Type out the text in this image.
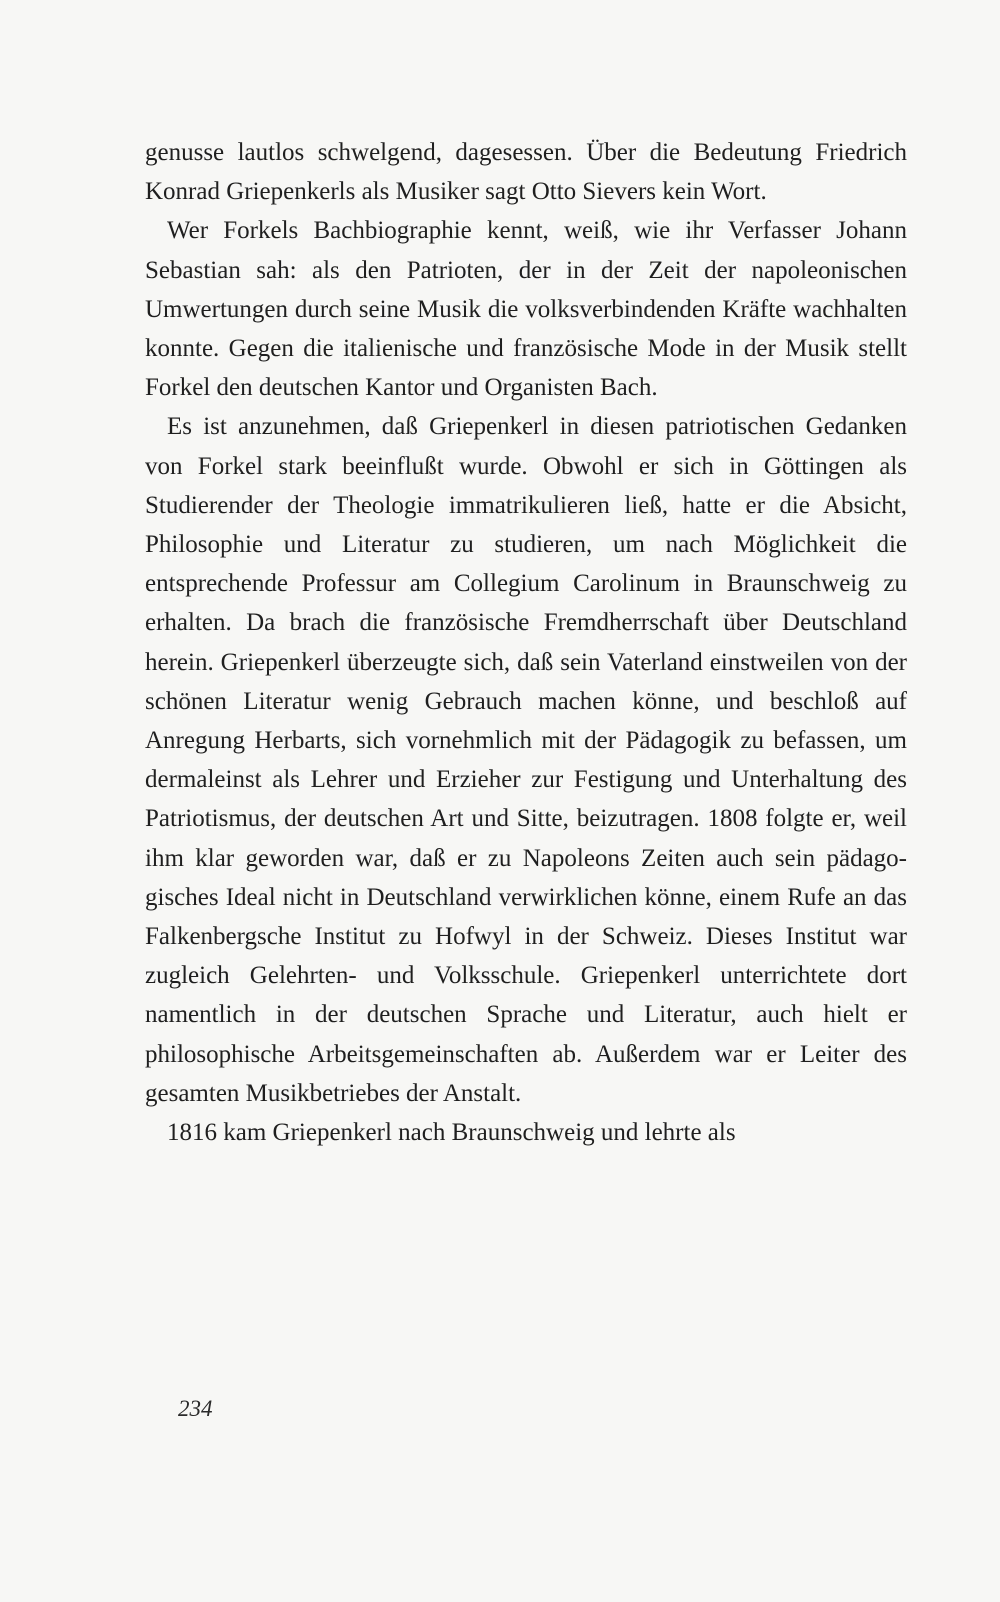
genusse lautlos schwelgend, dagesessen. Über die Bedeutung Friedrich Konrad Griepenkerls als Musiker sagt Otto Sievers kein Wort.

Wer Forkels Bachbiographie kennt, weiß, wie ihr Verfasser Johann Sebastian sah: als den Patrioten, der in der Zeit der napoleonischen Umwertungen durch seine Musik die volksverbindenden Kräfte wachhalten konnte. Gegen die italienische und französische Mode in der Musik stellt Forkel den deutschen Kantor und Organisten Bach.

Es ist anzunehmen, daß Griepenkerl in diesen patriotischen Gedanken von Forkel stark beeinflußt wurde. Obwohl er sich in Göttingen als Studierender der Theologie immatrikulieren ließ, hatte er die Absicht, Philosophie und Literatur zu studieren, um nach Möglichkeit die entsprechende Professur am Collegium Carolinum in Braunschweig zu erhalten. Da brach die französische Fremdherrschaft über Deutschland herein. Griepenkerl überzeugte sich, daß sein Vaterland einstweilen von der schönen Literatur wenig Gebrauch machen könne, und beschloß auf Anregung Herbarts, sich vornehmlich mit der Pädagogik zu befassen, um dermaleinst als Lehrer und Erzieher zur Festigung und Unterhaltung des Patriotismus, der deutschen Art und Sitte, beizutragen. 1808 folgte er, weil ihm klar geworden war, daß er zu Napoleons Zeiten auch sein pädagogisches Ideal nicht in Deutschland verwirklichen könne, einem Rufe an das Falkenbergsche Institut zu Hofwyl in der Schweiz. Dieses Institut war zugleich Gelehrten- und Volksschule. Griepenkerl unterrichtete dort namentlich in der deutschen Sprache und Literatur, auch hielt er philosophische Arbeitsgemeinschaften ab. Außerdem war er Leiter des gesamten Musikbetriebes der Anstalt.

1816 kam Griepenkerl nach Braunschweig und lehrte als

234
